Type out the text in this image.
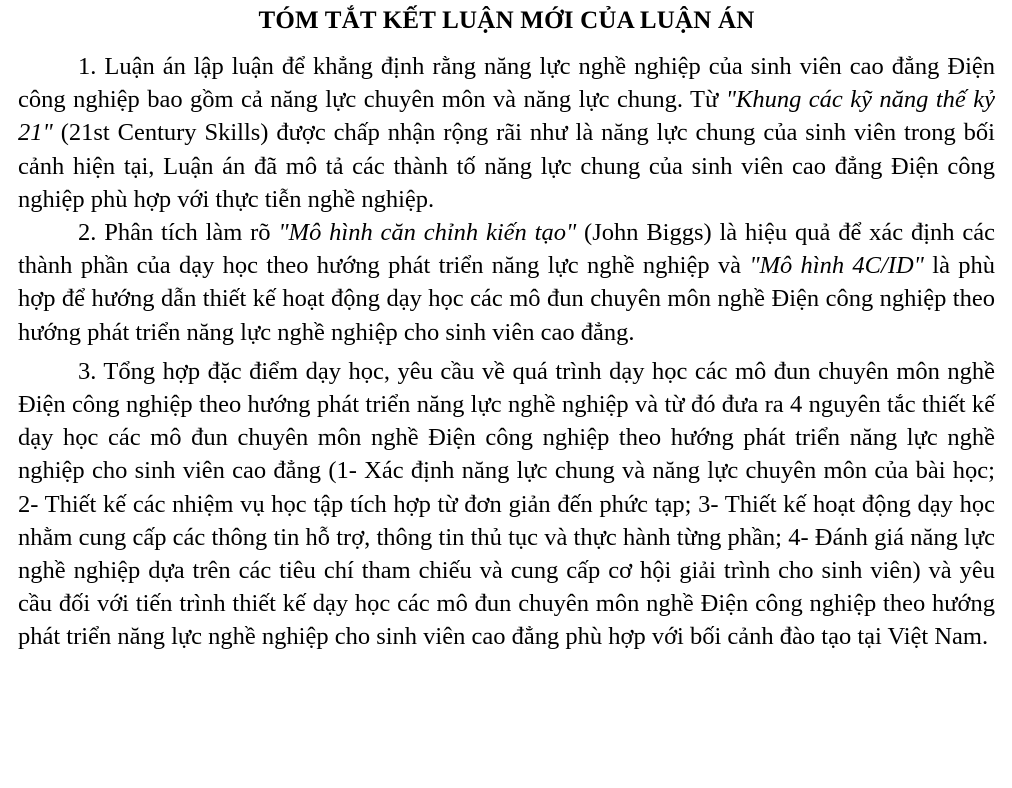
TÓM TẮT KẾT LUẬN MỚI CỦA LUẬN ÁN

1. Luận án lập luận để khẳng định rằng năng lực nghề nghiệp của sinh viên cao đẳng Điện công nghiệp bao gồm cả năng lực chuyên môn và năng lực chung. Từ "Khung các kỹ năng thế kỷ 21" (21st Century Skills) được chấp nhận rộng rãi như là năng lực chung của sinh viên trong bối cảnh hiện tại, Luận án đã mô tả các thành tố năng lực chung của sinh viên cao đẳng Điện công nghiệp phù hợp với thực tiễn nghề nghiệp.

2. Phân tích làm rõ "Mô hình căn chỉnh kiến tạo" (John Biggs) là hiệu quả để xác định các thành phần của dạy học theo hướng phát triển năng lực nghề nghiệp và "Mô hình 4C/ID" là phù hợp để hướng dẫn thiết kế hoạt động dạy học các mô đun chuyên môn nghề Điện công nghiệp theo hướng phát triển năng lực nghề nghiệp cho sinh viên cao đẳng.

3. Tổng hợp đặc điểm dạy học, yêu cầu về quá trình dạy học các mô đun chuyên môn nghề Điện công nghiệp theo hướng phát triển năng lực nghề nghiệp và từ đó đưa ra 4 nguyên tắc thiết kế dạy học các mô đun chuyên môn nghề Điện công nghiệp theo hướng phát triển năng lực nghề nghiệp cho sinh viên cao đẳng (1- Xác định năng lực chung và năng lực chuyên môn của bài học; 2- Thiết kế các nhiệm vụ học tập tích hợp từ đơn giản đến phức tạp; 3- Thiết kế hoạt động dạy học nhằm cung cấp các thông tin hỗ trợ, thông tin thủ tục và thực hành từng phần; 4- Đánh giá năng lực nghề nghiệp dựa trên các tiêu chí tham chiếu và cung cấp cơ hội giải trình cho sinh viên) và yêu cầu đối với tiến trình thiết kế dạy học các mô đun chuyên môn nghề Điện công nghiệp theo hướng phát triển năng lực nghề nghiệp cho sinh viên cao đẳng phù hợp với bối cảnh đào tạo tại Việt Nam.
